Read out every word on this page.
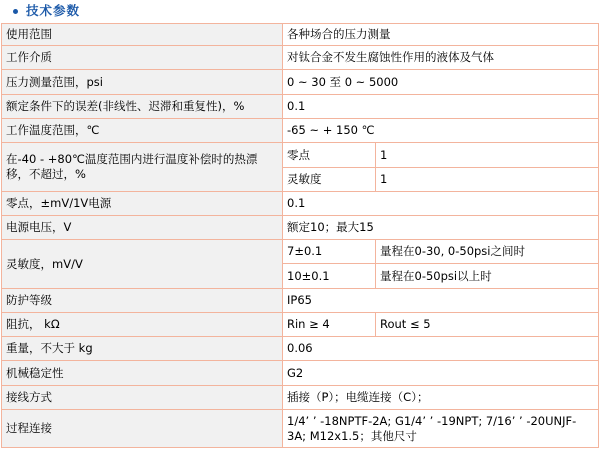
技术参数
使用范围	各种场合的压力测量	
工作介质	对钛合金不发生腐蚀性作用的液体及气体	
压力测量范围，psi	0 ~ 30 至 0 ~ 5000	
额定条件下的误差(非线性、迟滞和重复性)，%	0.1	
工作温度范围，℃	-65 ~ + 150 ℃	
在-40 - +80℃温度范围内进行温度补偿时的热漂移，不超过，%	零点	1
	灵敏度	1
零点，±mV/1V电源	0.1	
电源电压，V	额定10；最大15	
灵敏度，mV/V	7±0.1	量程在0-30, 0-50psi之间时
	10±0.1	量程在0-50psi以上时
防护等级	IP65	
阻抗， kΩ	Rin ≥ 4	Rout ≤ 5
重量，不大于 kg	0.06	
机械稳定性	G2	
接线方式	插接（P）；电缆连接（C）；	
过程连接	1/4’ ’ -18NPTF-2A; G1/4’ ’ -19NPT; 7/16’ ’ -20UNJF-3A; M12x1.5；其他尺寸	
